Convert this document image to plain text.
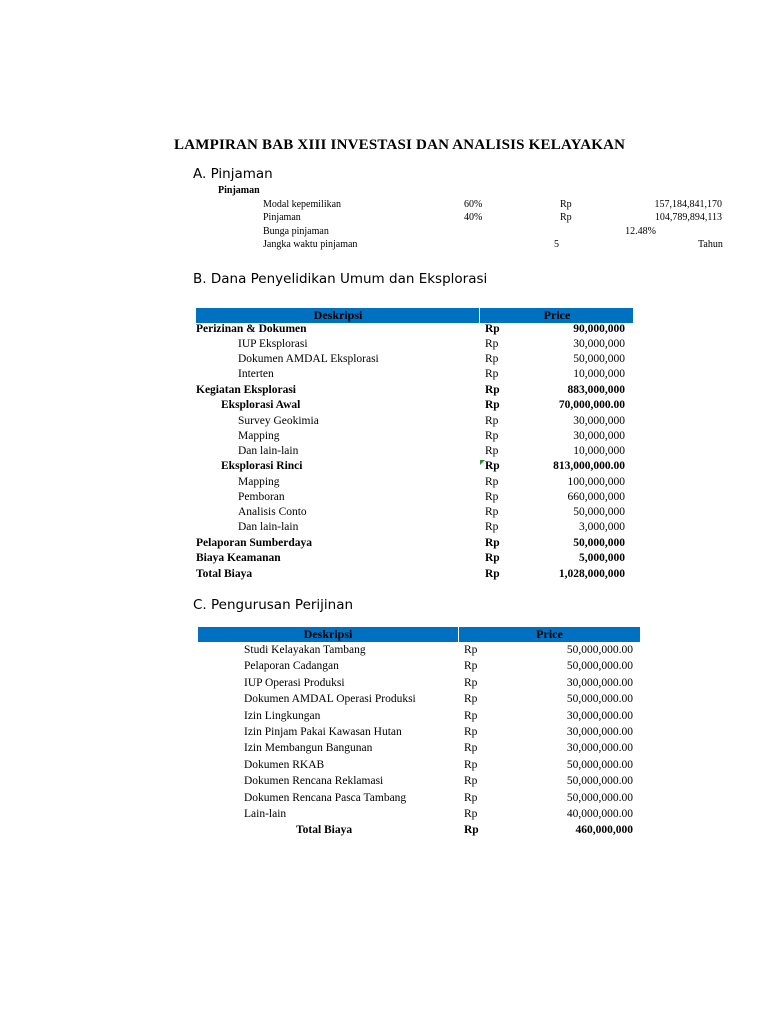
LAMPIRAN BAB XIII INVESTASI DAN ANALISIS KELAYAKAN
A. Pinjaman
Pinjaman
Modal kepemilikan	60%	Rp	157,184,841,170
Pinjaman	40%	Rp	104,789,894,113
Bunga pinjaman	12.48%
Jangka waktu pinjaman	5	Tahun
B. Dana Penyelidikan Umum dan Eksplorasi
Deskripsi	Price
Perizinan & Dokumen	Rp	90,000,000
IUP Eksplorasi	Rp	30,000,000
Dokumen AMDAL Eksplorasi	Rp	50,000,000
Interten	Rp	10,000,000
Kegiatan Eksplorasi	Rp	883,000,000
Eksplorasi Awal	Rp	70,000,000.00
Survey Geokimia	Rp	30,000,000
Mapping	Rp	30,000,000
Dan lain-lain	Rp	10,000,000
Eksplorasi Rinci	Rp	813,000,000.00
Mapping	Rp	100,000,000
Pemboran	Rp	660,000,000
Analisis Conto	Rp	50,000,000
Dan lain-lain	Rp	3,000,000
Pelaporan Sumberdaya	Rp	50,000,000
Biaya Keamanan	Rp	5,000,000
Total Biaya	Rp	1,028,000,000
C. Pengurusan Perijinan
Deskripsi	Price
Studi Kelayakan Tambang	Rp	50,000,000.00
Pelaporan Cadangan	Rp	50,000,000.00
IUP Operasi Produksi	Rp	30,000,000.00
Dokumen AMDAL Operasi Produksi	Rp	50,000,000.00
Izin Lingkungan	Rp	30,000,000.00
Izin Pinjam Pakai Kawasan Hutan	Rp	30,000,000.00
Izin Membangun Bangunan	Rp	30,000,000.00
Dokumen RKAB	Rp	50,000,000.00
Dokumen Rencana Reklamasi	Rp	50,000,000.00
Dokumen Rencana Pasca Tambang	Rp	50,000,000.00
Lain-lain	Rp	40,000,000.00
Total Biaya	Rp	460,000,000
